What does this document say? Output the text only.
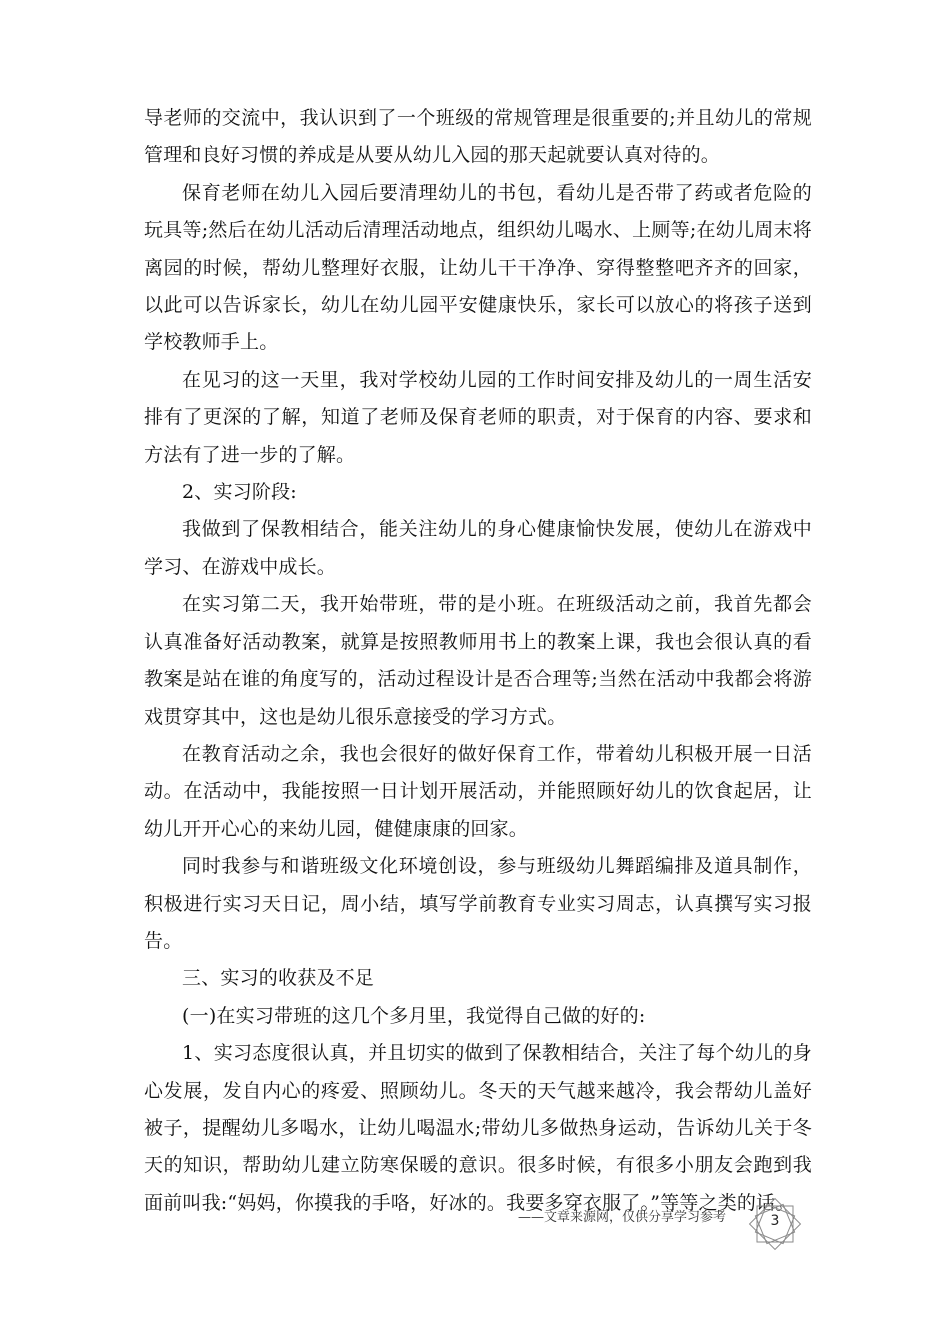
导老师的交流中，我认识到了一个班级的常规管理是很重要的;并且幼儿的常规管理和良好习惯的养成是从要从幼儿入园的那天起就要认真对待的。

保育老师在幼儿入园后要清理幼儿的书包，看幼儿是否带了药或者危险的玩具等;然后在幼儿活动后清理活动地点，组织幼儿喝水、上厕等;在幼儿周末将离园的时候，帮幼儿整理好衣服，让幼儿干干净净、穿得整整吧齐齐的回家，以此可以告诉家长，幼儿在幼儿园平安健康快乐，家长可以放心的将孩子送到学校教师手上。

在见习的这一天里，我对学校幼儿园的工作时间安排及幼儿的一周生活安排有了更深的了解，知道了老师及保育老师的职责，对于保育的内容、要求和方法有了进一步的了解。

2、实习阶段:

我做到了保教相结合，能关注幼儿的身心健康愉快发展，使幼儿在游戏中学习、在游戏中成长。

在实习第二天，我开始带班，带的是小班。在班级活动之前，我首先都会认真准备好活动教案，就算是按照教师用书上的教案上课，我也会很认真的看教案是站在谁的角度写的，活动过程设计是否合理等;当然在活动中我都会将游戏贯穿其中，这也是幼儿很乐意接受的学习方式。

在教育活动之余，我也会很好的做好保育工作，带着幼儿积极开展一日活动。在活动中，我能按照一日计划开展活动，并能照顾好幼儿的饮食起居，让幼儿开开心心的来幼儿园，健健康康的回家。

同时我参与和谐班级文化环境创设，参与班级幼儿舞蹈编排及道具制作，积极进行实习天日记，周小结，填写学前教育专业实习周志，认真撰写实习报告。

三、实习的收获及不足

(一)在实习带班的这几个多月里，我觉得自己做的好的:

1、实习态度很认真，并且切实的做到了保教相结合，关注了每个幼儿的身心发展，发自内心的疼爱、照顾幼儿。冬天的天气越来越冷，我会帮幼儿盖好被子，提醒幼儿多喝水，让幼儿喝温水;带幼儿多做热身运动，告诉幼儿关于冬天的知识，帮助幼儿建立防寒保暖的意识。很多时候，有很多小朋友会跑到我面前叫我:“妈妈，你摸我的手咯，好冰的。我要多穿衣服了。”等等之类的话。

3
——文章来源网，仅供分享学习参考
